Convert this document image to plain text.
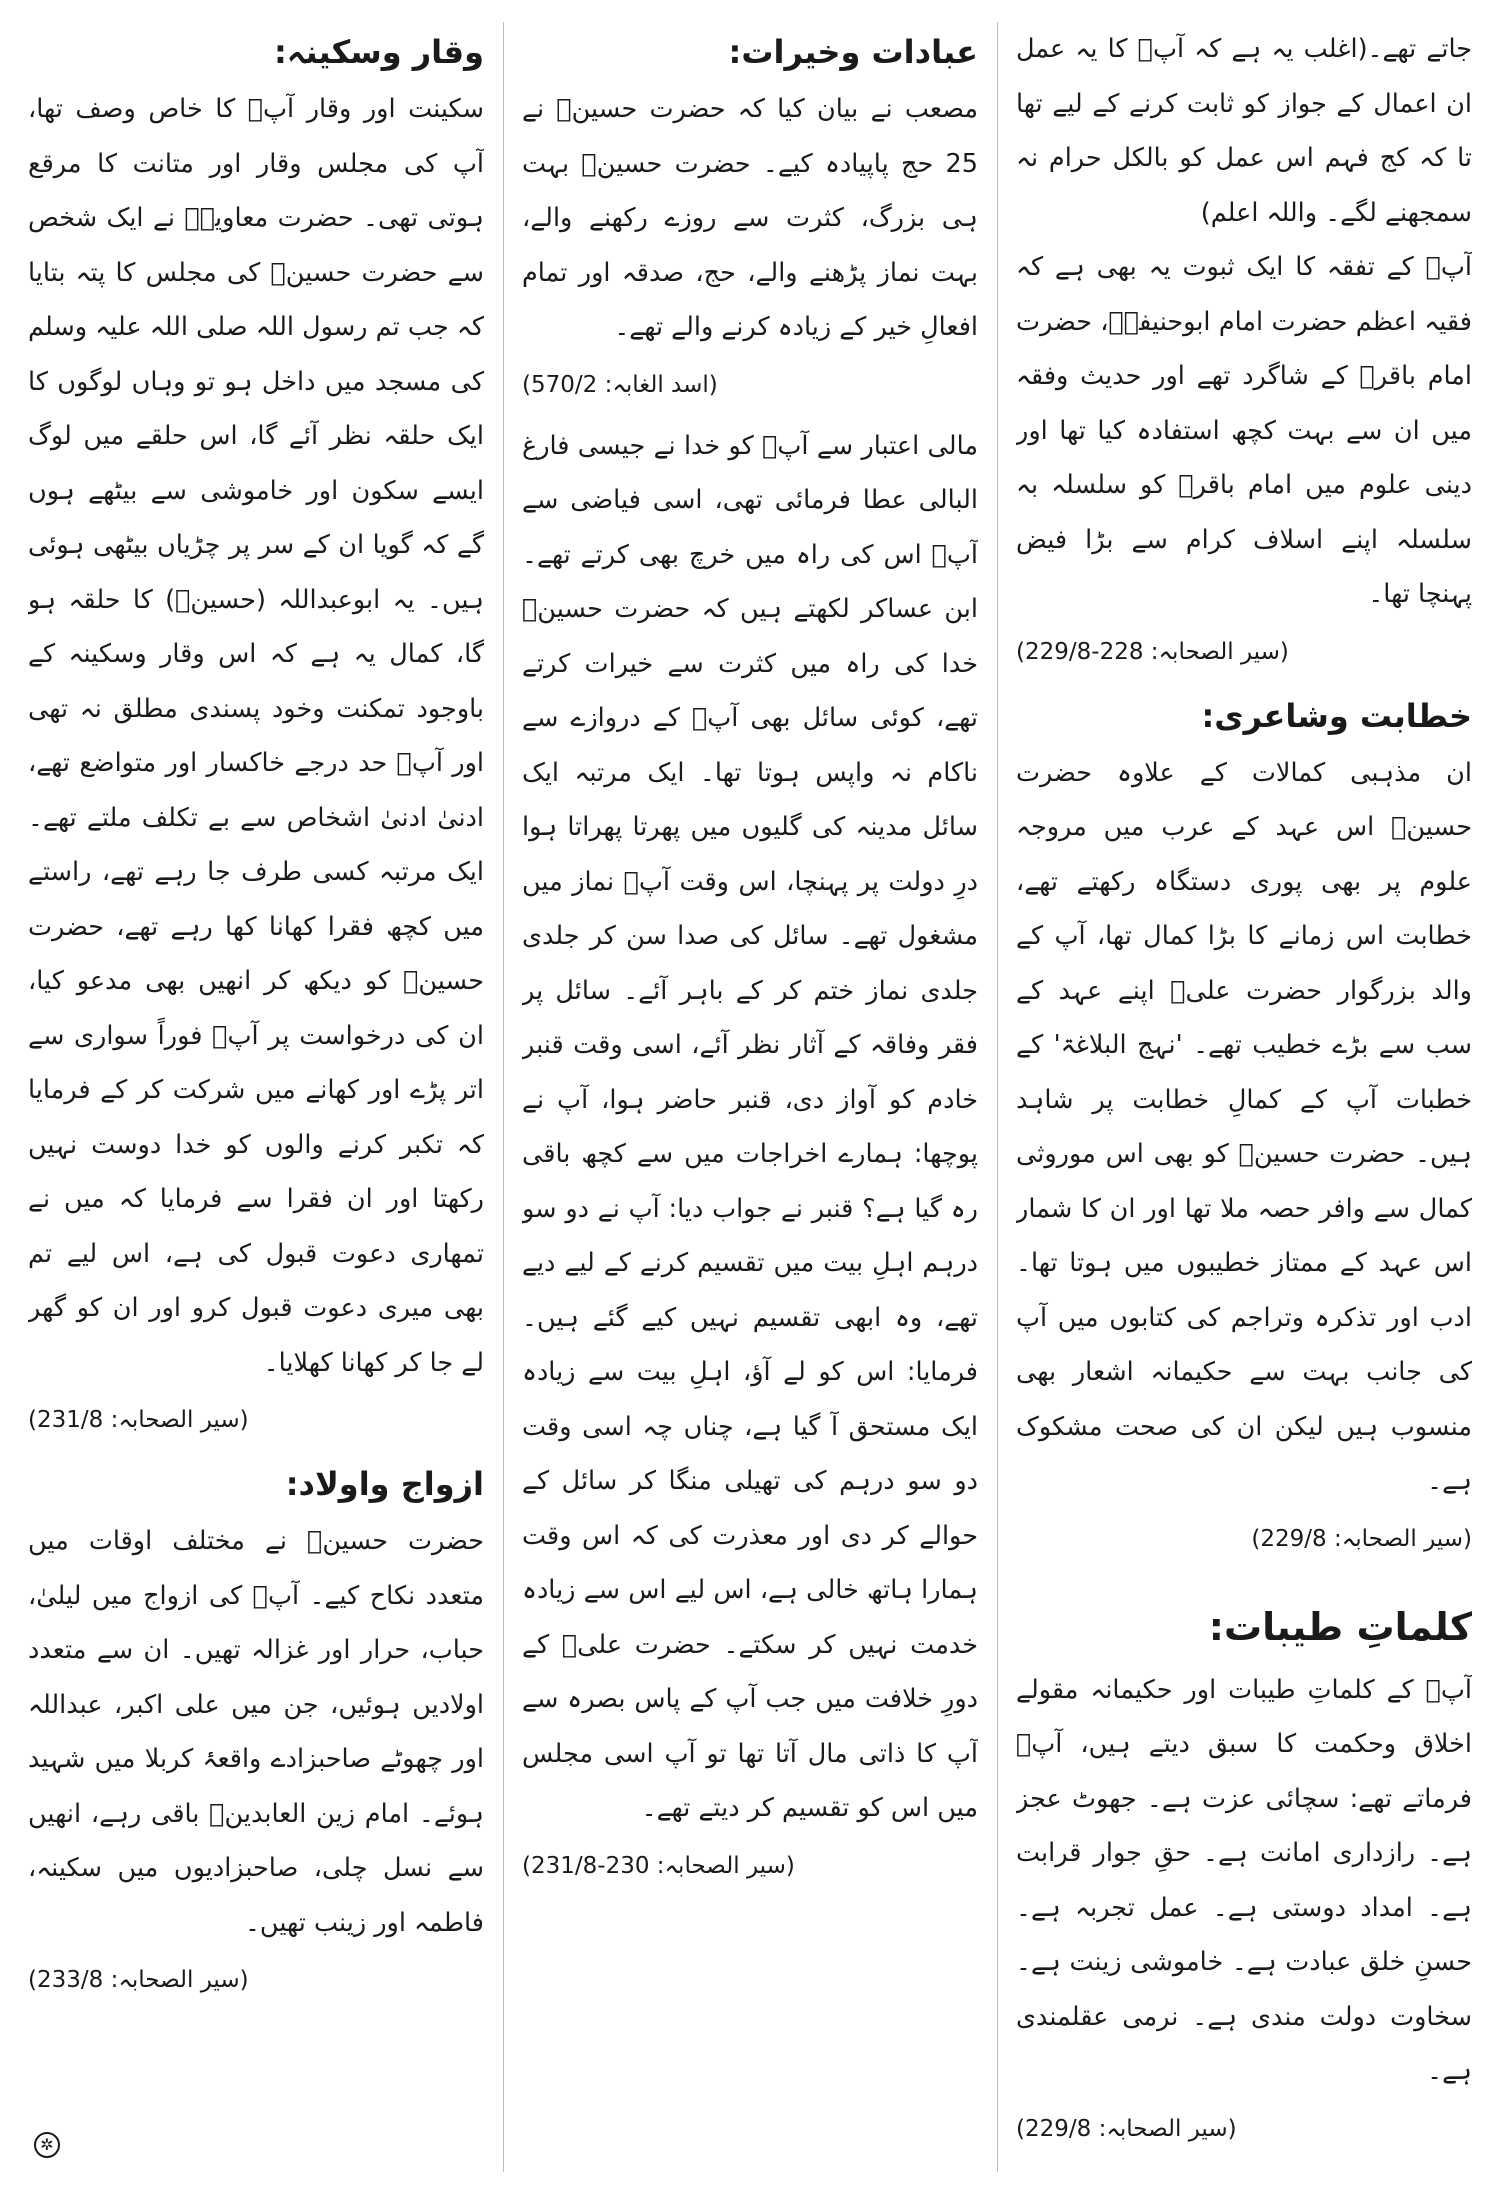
جاتے تھے۔(اغلب یہ ہے کہ آپؓ کا یہ عمل ان اعمال کے جواز کو ثابت کرنے کے لیے تھا تا کہ کج فہم اس عمل کو بالکل حرام نہ سمجھنے لگے۔ واللہ اعلم)

آپؓ کے تفقہ کا ایک ثبوت یہ بھی ہے کہ فقیہ اعظم حضرت امام ابوحنیفہؒ، حضرت امام باقرؒ کے شاگرد تھے اور حدیث وفقہ میں ان سے بہت کچھ استفادہ کیا تھا اور دینی علوم میں امام باقرؒ کو سلسلہ بہ سلسلہ اپنے اسلاف کرام سے بڑا فیض پہنچا تھا۔

(سیر الصحابہ: 228-229/8)

خطابت وشاعری:

ان مذہبی کمالات کے علاوہ حضرت حسینؓ اس عہد کے عرب میں مروجہ علوم پر بھی پوری دستگاہ رکھتے تھے، خطابت اس زمانے کا بڑا کمال تھا، آپ کے والد بزرگوار حضرت علیؓ اپنے عہد کے سب سے بڑے خطیب تھے۔ 'نہج البلاغۃ' کے خطبات آپ کے کمالِ خطابت پر شاہد ہیں۔ حضرت حسینؓ کو بھی اس موروثی کمال سے وافر حصہ ملا تھا اور ان کا شمار اس عہد کے ممتاز خطیبوں میں ہوتا تھا۔ ادب اور تذکرہ وتراجم کی کتابوں میں آپ کی جانب بہت سے حکیمانہ اشعار بھی منسوب ہیں لیکن ان کی صحت مشکوک ہے۔

(سیر الصحابہ: 229/8)

کلماتِ طیبات:

آپؓ کے کلماتِ طیبات اور حکیمانہ مقولے اخلاق وحکمت کا سبق دیتے ہیں، آپؓ فرماتے تھے: سچائی عزت ہے۔ جھوٹ عجز ہے۔ رازداری امانت ہے۔ حقِ جوار قرابت ہے۔ امداد دوستی ہے۔ عمل تجربہ ہے۔ حسنِ خلق عبادت ہے۔ خاموشی زینت ہے۔ سخاوت دولت مندی ہے۔ نرمی عقلمندی ہے۔

(سیر الصحابہ: 229/8)

عبادات وخیرات:

مصعب نے بیان کیا کہ حضرت حسینؓ نے 25 حج پاپیادہ کیے۔ حضرت حسینؓ بہت ہی بزرگ، کثرت سے روزے رکھنے والے، بہت نماز پڑھنے والے، حج، صدقہ اور تمام افعالِ خیر کے زیادہ کرنے والے تھے۔

(اسد الغابہ: 570/2)

مالی اعتبار سے آپؓ کو خدا نے جیسی فارغ البالی عطا فرمائی تھی، اسی فیاضی سے آپؓ اس کی راہ میں خرچ بھی کرتے تھے۔ ابن عساکر لکھتے ہیں کہ حضرت حسینؓ خدا کی راہ میں کثرت سے خیرات کرتے تھے، کوئی سائل بھی آپؓ کے دروازے سے ناکام نہ واپس ہوتا تھا۔ ایک مرتبہ ایک سائل مدینہ کی گلیوں میں پھرتا پھراتا ہوا درِ دولت پر پہنچا، اس وقت آپؓ نماز میں مشغول تھے۔ سائل کی صدا سن کر جلدی جلدی نماز ختم کر کے باہر آئے۔ سائل پر فقر وفاقہ کے آثار نظر آئے، اسی وقت قنبر خادم کو آواز دی، قنبر حاضر ہوا، آپ نے پوچھا: ہمارے اخراجات میں سے کچھ باقی رہ گیا ہے؟ قنبر نے جواب دیا: آپ نے دو سو درہم اہلِ بیت میں تقسیم کرنے کے لیے دیے تھے، وہ ابھی تقسیم نہیں کیے گئے ہیں۔ فرمایا: اس کو لے آؤ، اہلِ بیت سے زیادہ ایک مستحق آ گیا ہے، چناں چہ اسی وقت دو سو درہم کی تھیلی منگا کر سائل کے حوالے کر دی اور معذرت کی کہ اس وقت ہمارا ہاتھ خالی ہے، اس لیے اس سے زیادہ خدمت نہیں کر سکتے۔ حضرت علیؓ کے دورِ خلافت میں جب آپ کے پاس بصرہ سے آپ کا ذاتی مال آتا تھا تو آپ اسی مجلس میں اس کو تقسیم کر دیتے تھے۔

(سیر الصحابہ: 230-231/8)

وقار وسکینہ:

سکینت اور وقار آپؓ کا خاص وصف تھا، آپ کی مجلس وقار اور متانت کا مرقع ہوتی تھی۔ حضرت معاویہؓ نے ایک شخص سے حضرت حسینؓ کی مجلس کا پتہ بتایا کہ جب تم رسول اللہ صلی اللہ علیہ وسلم کی مسجد میں داخل ہو تو وہاں لوگوں کا ایک حلقہ نظر آئے گا، اس حلقے میں لوگ ایسے سکون اور خاموشی سے بیٹھے ہوں گے کہ گویا ان کے سر پر چڑیاں بیٹھی ہوئی ہیں۔ یہ ابوعبداللہ (حسینؓ) کا حلقہ ہو گا، کمال یہ ہے کہ اس وقار وسکینہ کے باوجود تمکنت وخود پسندی مطلق نہ تھی اور آپؓ حد درجے خاکسار اور متواضع تھے، ادنیٰ ادنیٰ اشخاص سے بے تکلف ملتے تھے۔ ایک مرتبہ کسی طرف جا رہے تھے، راستے میں کچھ فقرا کھانا کھا رہے تھے، حضرت حسینؓ کو دیکھ کر انھیں بھی مدعو کیا، ان کی درخواست پر آپؓ فوراً سواری سے اتر پڑے اور کھانے میں شرکت کر کے فرمایا کہ تکبر کرنے والوں کو خدا دوست نہیں رکھتا اور ان فقرا سے فرمایا کہ میں نے تمھاری دعوت قبول کی ہے، اس لیے تم بھی میری دعوت قبول کرو اور ان کو گھر لے جا کر کھانا کھلایا۔

(سیر الصحابہ: 231/8)

ازواج واولاد:

حضرت حسینؓ نے مختلف اوقات میں متعدد نکاح کیے۔ آپؓ کی ازواج میں لیلیٰ، حباب، حرار اور غزالہ تھیں۔ ان سے متعدد اولادیں ہوئیں، جن میں علی اکبر، عبداللہ اور چھوٹے صاحبزادے واقعۂ کربلا میں شہید ہوئے۔ امام زین العابدینؒ باقی رہے، انھیں سے نسل چلی، صاحبزادیوں میں سکینہ، فاطمہ اور زینب تھیں۔

(سیر الصحابہ: 233/8)

✲
